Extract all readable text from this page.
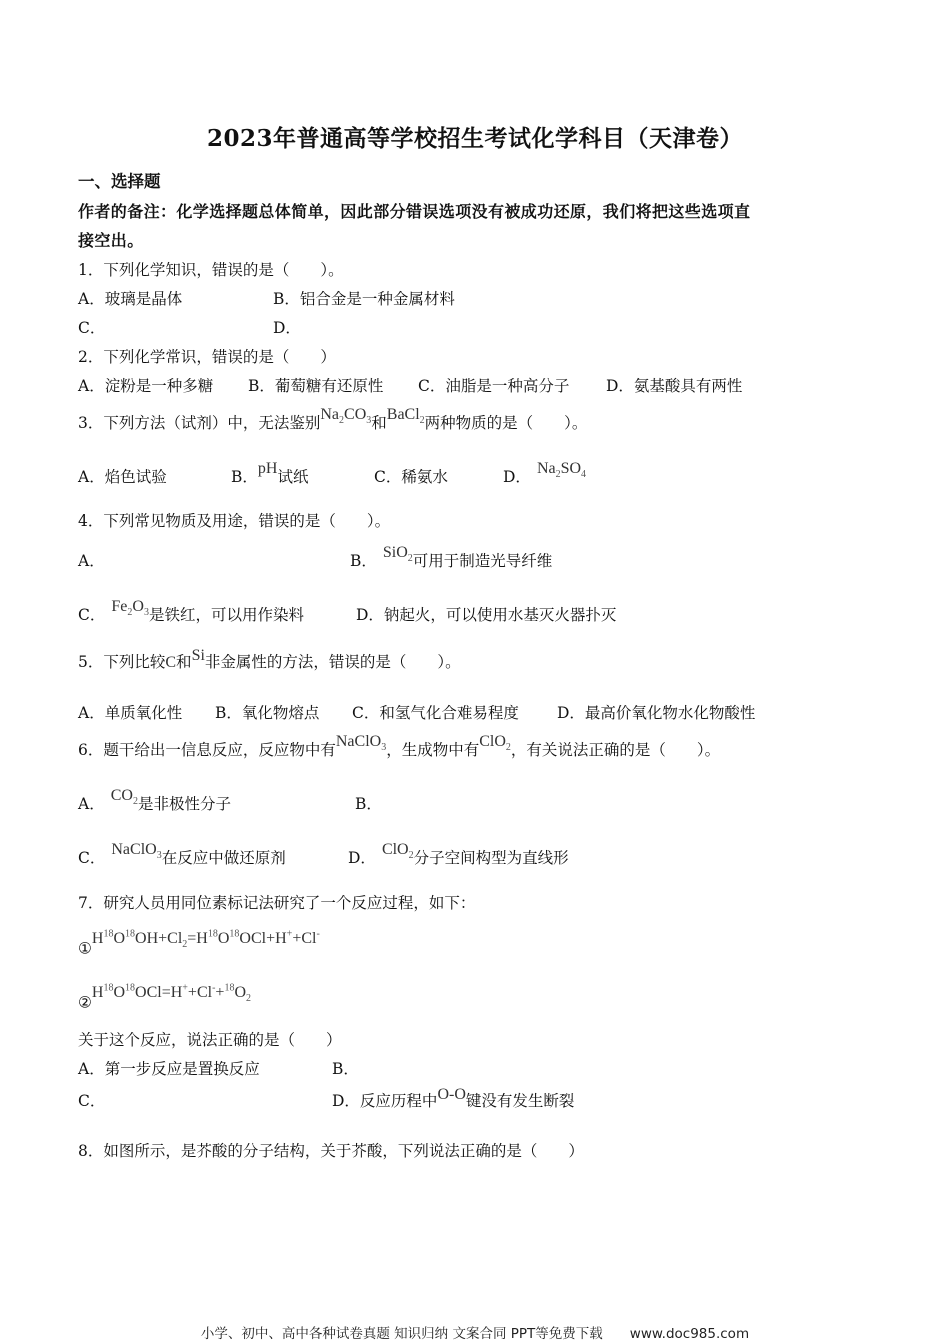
2023年普通高等学校招生考试化学科目（天津卷）
一、选择题
作者的备注：化学选择题总体简单，因此部分错误选项没有被成功还原，我们将把这些选项直
接空出。
1．下列化学知识，错误的是（　　）。
A．玻璃是晶体	B．铝合金是一种金属材料
C．	D．
2．下列化学常识，错误的是（　　）
A．淀粉是一种多糖 B．葡萄糖有还原性 C．油脂是一种高分子 D．氨基酸具有两性
3．下列方法（试剂）中，无法鉴别$Na_2CO_3$和BaCl$_2$两种物质的是（　　）。
A．焰色试验	B．pH试纸	C．稀氨水	D． $Na_2SO_4$
4．下列常见物质及用途，错误的是（　　）。
A．	B． SiO$_2$可用于制造光导纤维
C． $Fe_2O_3$是铁红，可以用作染料	D．钠起火，可以使用水基灭火器扑灭
5．下列比较C和Si非金属性的方法，错误的是（　　）。
A．单质氧化性 B．氧化物熔点 C．和氢气化合难易程度 D．最高价氧化物水化物酸性
6．题干给出一信息反应，反应物中有NaClO$_3$，生成物中有ClO$_2$，有关说法正确的是（　　）。
A． $CO_2$是非极性分子	B．
C． NaClO$_3$在反应中做还原剂	D． ClO$_2$分子空间构型为直线形
7．研究人员用同位素标记法研究了一个反应过程，如下：
$①H^{18}O^{18}OH+Cl_2=H^{18}O^{18}OCl+H^++Cl^-$
$②H^{18}O^{18}OCl=H^++Cl^-+^{18}O_2$
关于这个反应，说法正确的是（　　）
A．第一步反应是置换反应	B．
C．	D．反应历程中O-O键没有发生断裂
8．如图所示，是芥酸的分子结构，关于芥酸，下列说法正确的是（　　）
小学、初中、高中各种试卷真题 知识归纳 文案合同 PPT等免费下载　　www.doc985.com
